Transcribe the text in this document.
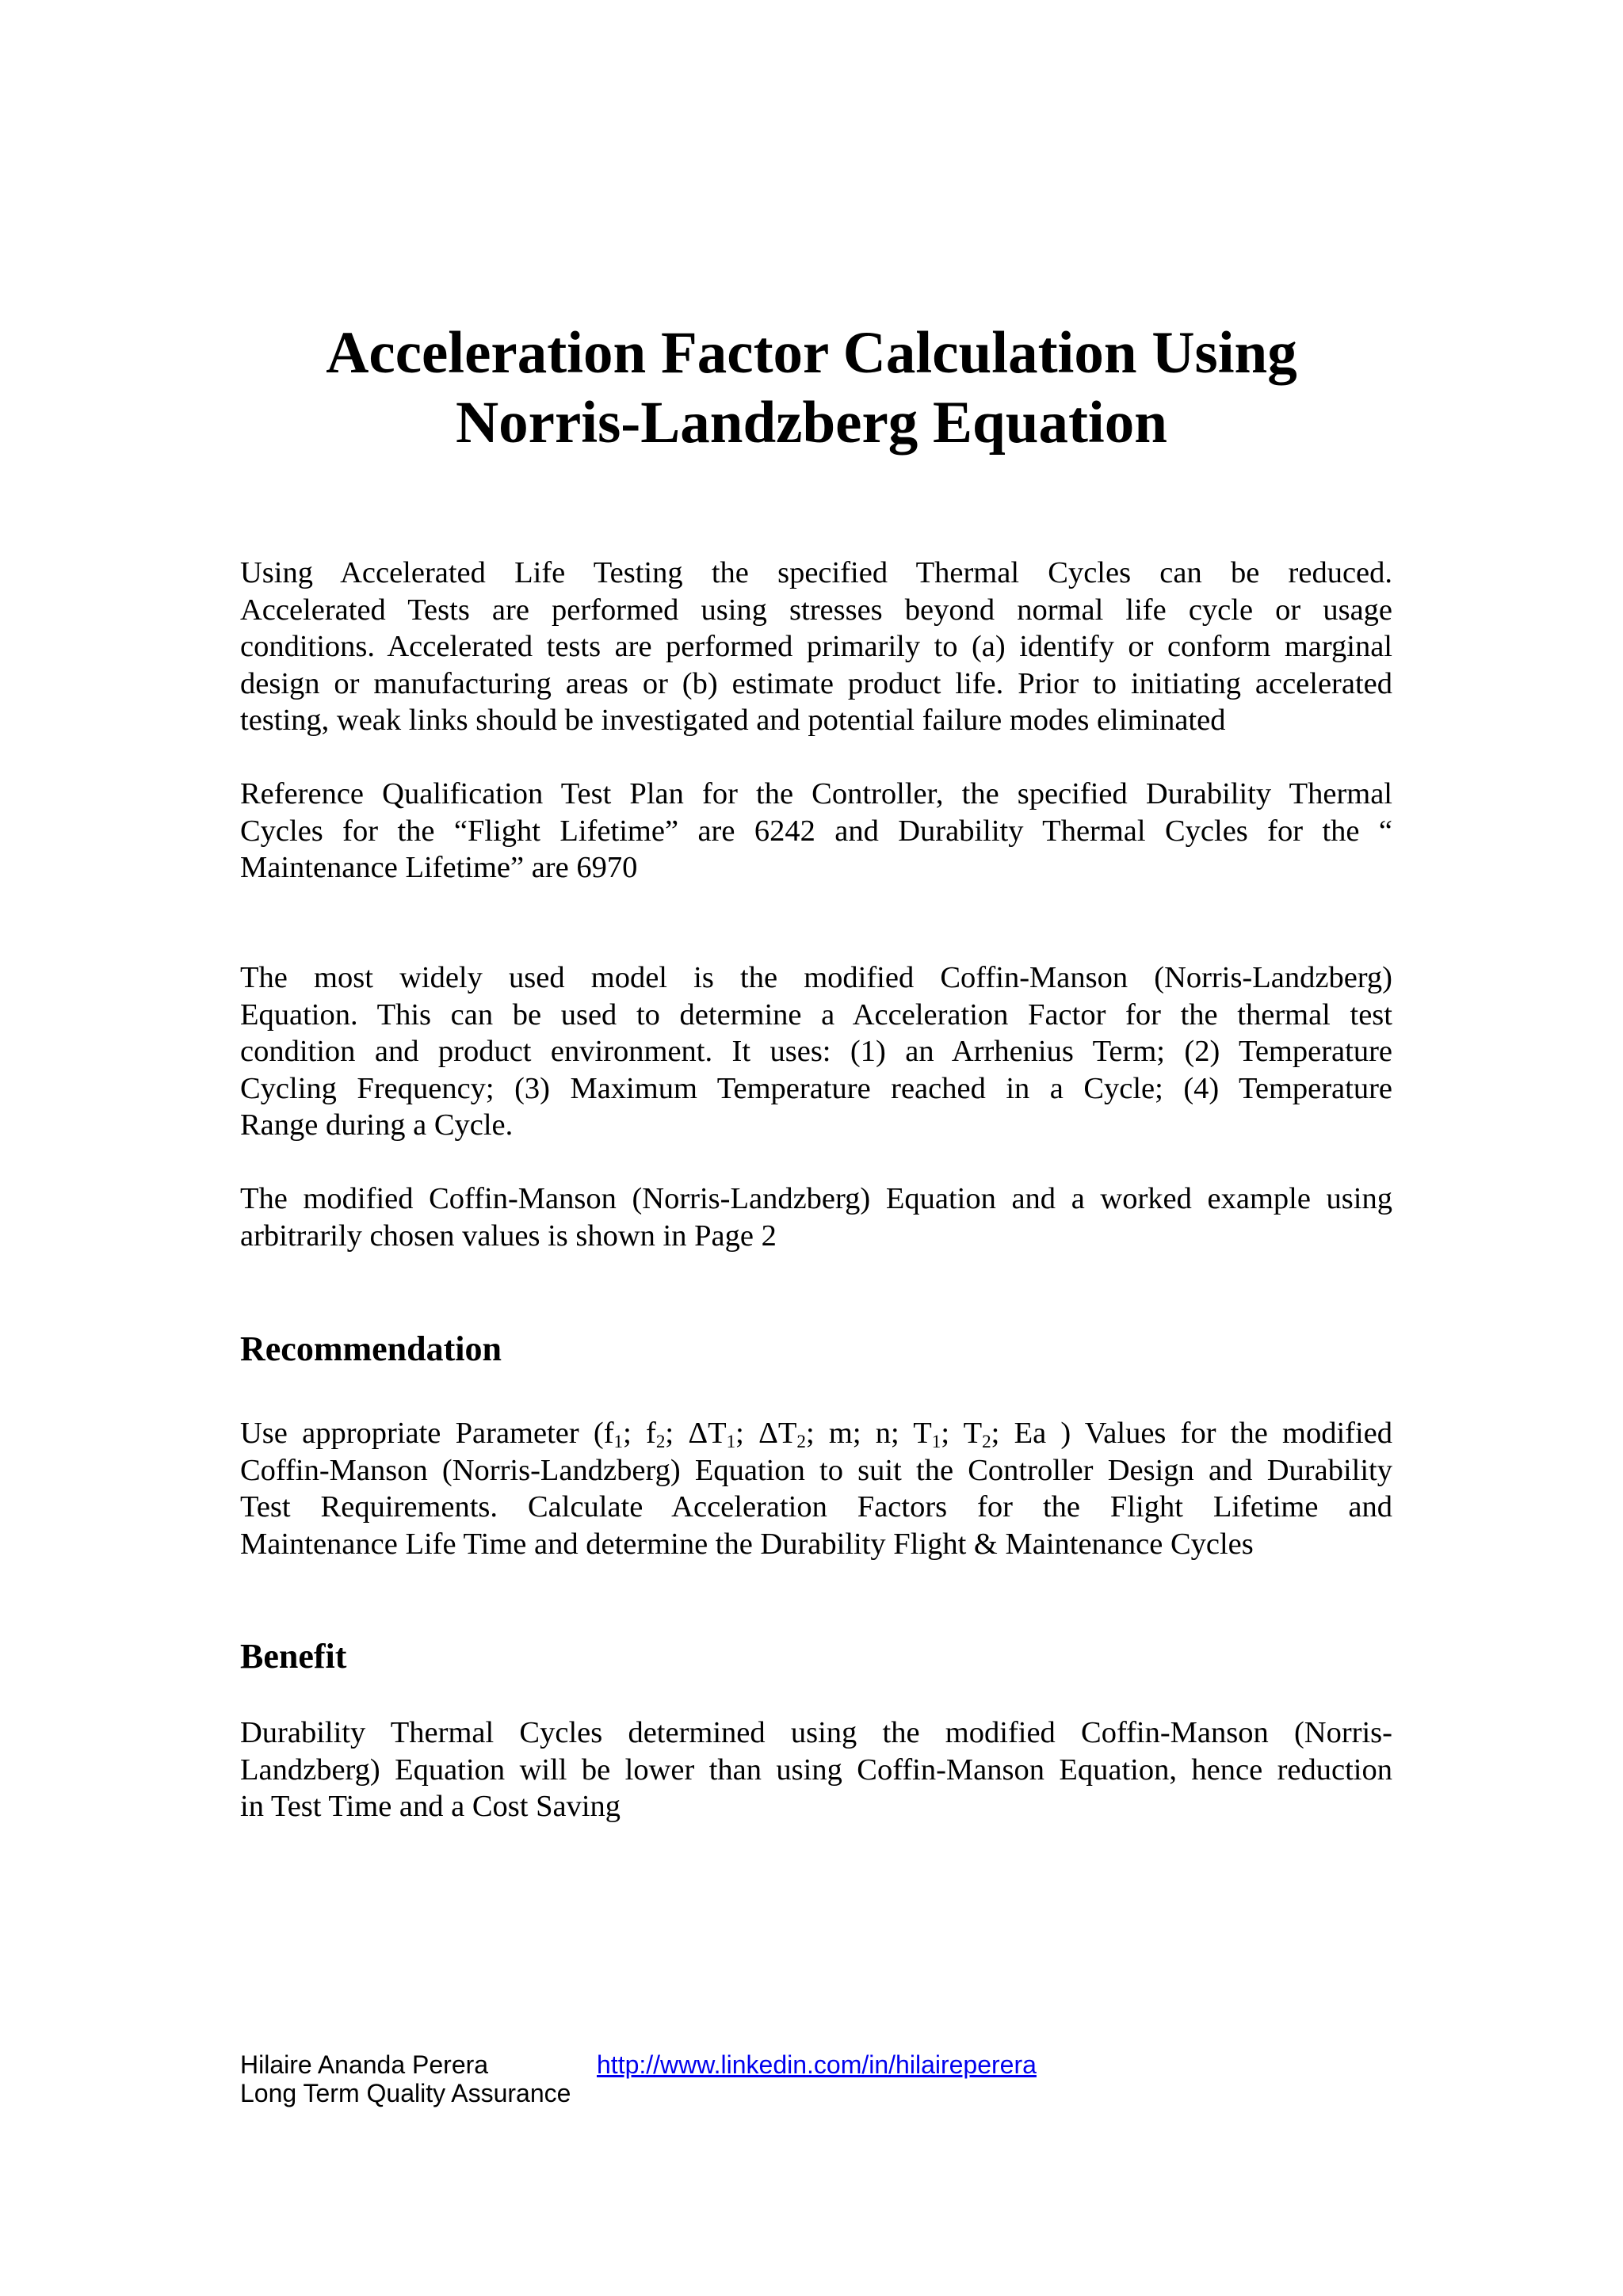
Acceleration Factor Calculation Using
Norris-Landzberg Equation

Using Accelerated Life Testing the specified Thermal Cycles can be reduced.
Accelerated Tests are performed using stresses beyond normal life cycle or usage
conditions. Accelerated tests are performed primarily to (a) identify or conform marginal
design or manufacturing areas or (b) estimate product life. Prior to initiating accelerated
testing, weak links should be investigated and potential failure modes eliminated

Reference Qualification Test Plan for the Controller, the specified Durability Thermal
Cycles for the “Flight Lifetime” are 6242 and Durability Thermal Cycles for the “
Maintenance Lifetime” are 6970

The most widely used model is the modified Coffin-Manson (Norris-Landzberg)
Equation. This can be used to determine a Acceleration Factor for the thermal test
condition and product environment. It uses: (1) an Arrhenius Term; (2) Temperature
Cycling Frequency; (3) Maximum Temperature reached in a Cycle; (4) Temperature
Range during a Cycle.

The modified Coffin-Manson (Norris-Landzberg) Equation and a worked example using
arbitrarily chosen values is shown in Page 2

Recommendation

Use appropriate Parameter ($f_1$; $f_2$; $\Delta T_1$; $\Delta T_2$; m; n; $T_1$; $T_2$; Ea ) Values for the modified
Coffin-Manson (Norris-Landzberg) Equation to suit the Controller Design and Durability
Test Requirements. Calculate Acceleration Factors for the Flight Lifetime and
Maintenance Life Time and determine the Durability Flight & Maintenance Cycles

Benefit

Durability Thermal Cycles determined using the modified Coffin-Manson (Norris-
Landzberg) Equation will be lower than using Coffin-Manson Equation, hence reduction
in Test Time and a Cost Saving

Hilaire Ananda Perera	http://www.linkedin.com/in/hilaireperera
Long Term Quality Assurance
